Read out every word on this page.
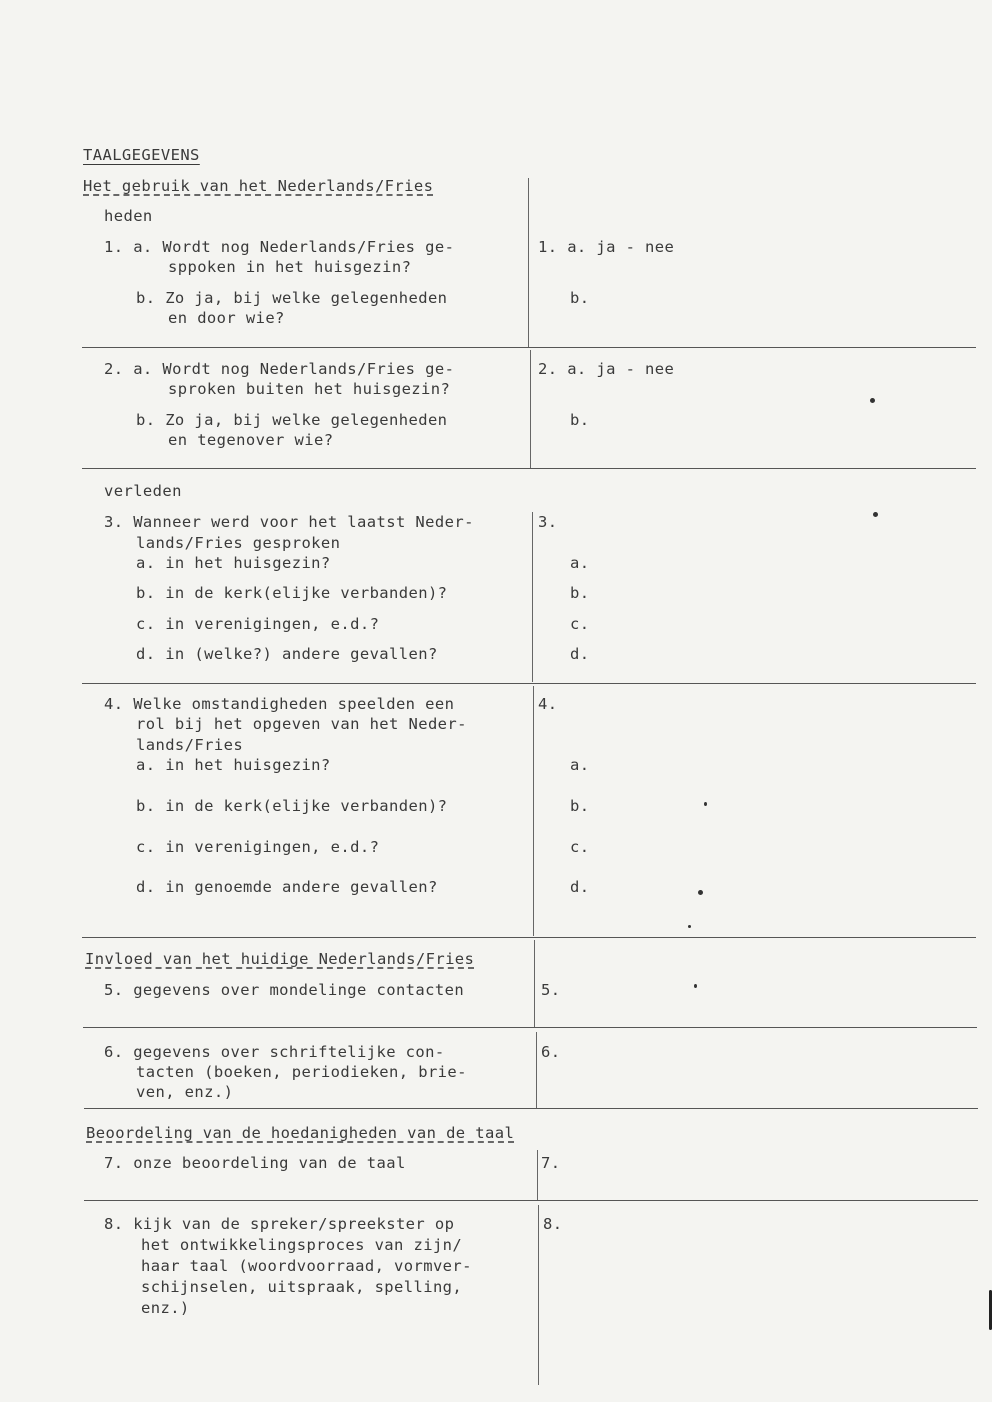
TAALGEGEVENS
Het gebruik van het Nederlands/Fries
heden
1. a. Wordt nog Nederlands/Fries ge-
spроken in het huisgezin?
b. Zo ja, bij welke gelegenheden
en door wie?
1. a. ja - nee
b.
2. a. Wordt nog Nederlands/Fries ge-
sproken buiten het huisgezin?
b. Zo ja, bij welke gelegenheden
en tegenover wie?
2. a. ja - nee
b.
verleden
3. Wanneer werd voor het laatst Neder-
lands/Fries gesproken
a. in het huisgezin?
b. in de kerk(elijke verbanden)?
c. in verenigingen, e.d.?
d. in (welke?) andere gevallen?
3.
a.
b.
c.
d.
4. Welke omstandigheden speelden een
rol bij het opgeven van het Neder-
lands/Fries
a. in het huisgezin?
b. in de kerk(elijke verbanden)?
c. in verenigingen, e.d.?
d. in genoemde andere gevallen?
4.
a.
b.
c.
d.
Invloed van het huidige Nederlands/Fries
5. gegevens over mondelinge contacten	5.
6. gegevens over schriftelijke con-
tacten (boeken, periodieken, brie-
ven, enz.)
6.
Beoordeling van de hoedanigheden van de taal
7. onze beoordeling van de taal	7.
8. kijk van de spreker/spreekster op
het ontwikkelingsproces van zijn/
haar taal (woordvoorraad, vormver-
schijnselen, uitspraak, spelling,
enz.)
8.
